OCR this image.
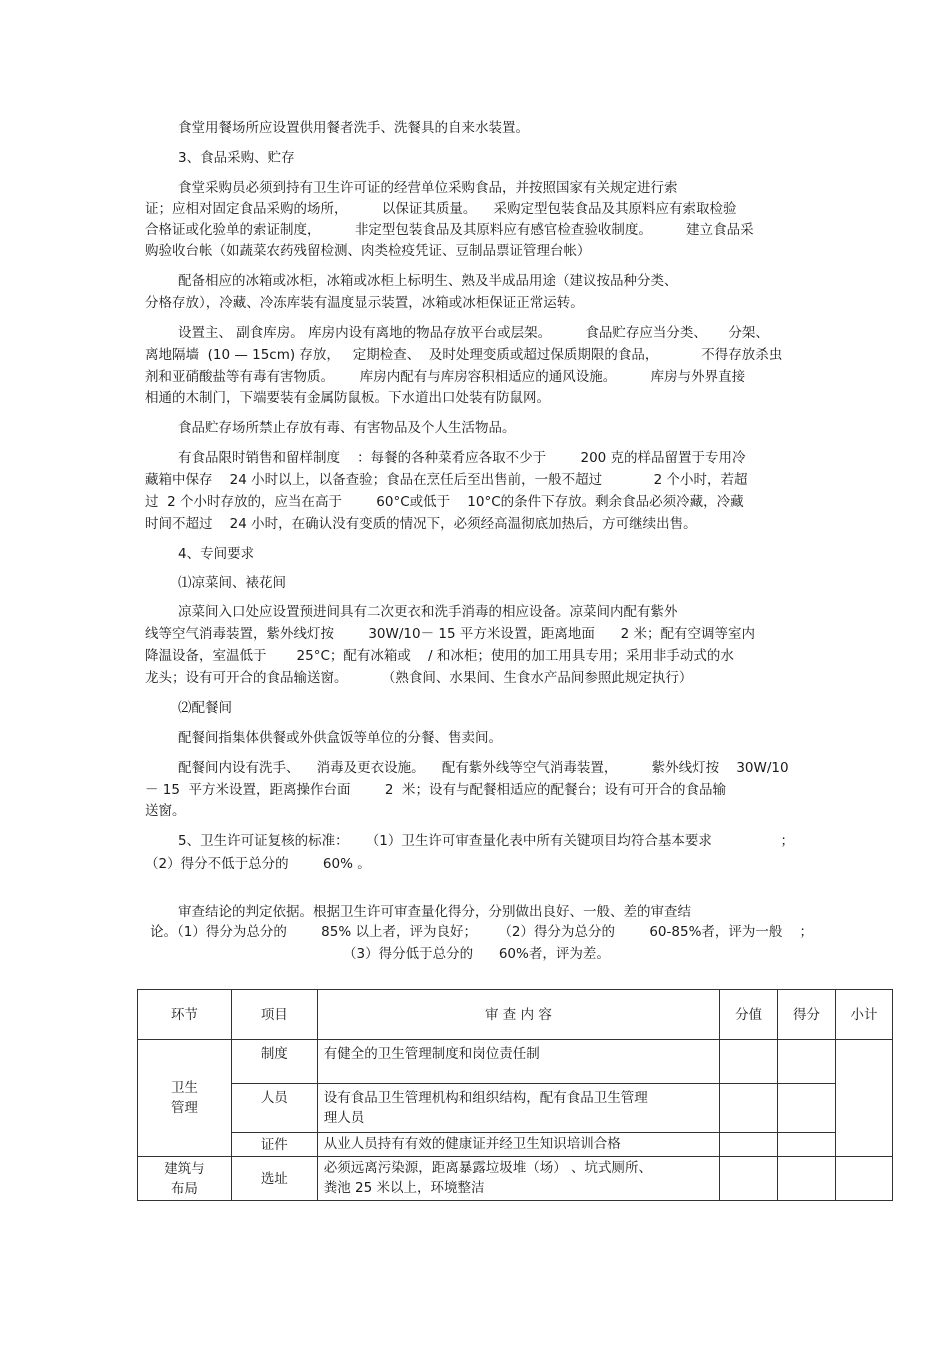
食堂用餐场所应设置供用餐者洗手、洗餐具的自来水装置。
3、食品采购、贮存
食堂采购员必须到持有卫生许可证的经营单位采购食品，并按照国家有关规定进行索
证；应相对固定食品采购的场所，        以保证其质量。    采购定型包装食品及其原料应有索取检验
合格证或化验单的索证制度，        非定型包装食品及其原料应有感官检查验收制度。        建立食品采
购验收台帐（如蔬菜农药残留检测、肉类检疫凭证、豆制品票证管理台帐）
配备相应的冰箱或冰柜，冰箱或冰柜上标明生、熟及半成品用途（建议按品种分类、
分格存放），冷藏、冷冻库装有温度显示装置，冰箱或冰柜保证正常运转。
设置主、 副食库房。 库房内设有离地的物品存放平台或层架。        食品贮存应当分类、     分架、
离地隔墙  (10 — 15cm) 存放，   定期检查、  及时处理变质或超过保质期限的食品，          不得存放杀虫
剂和亚硝酸盐等有毒有害物质。      库房内配有与库房容积相适应的通风设施。        库房与外界直接
相通的木制门，下端要装有金属防鼠板。下水道出口处装有防鼠网。
食品贮存场所禁止存放有毒、有害物品及个人生活物品。
有食品限时销售和留样制度    ：每餐的各种菜肴应各取不少于        200 克的样品留置于专用冷
藏箱中保存    24 小时以上，以备查验；食品在烹任后至出售前，一般不超过            2 个小时，若超
过  2 个小时存放的，应当在高于        60°C或低于    10°C的条件下存放。剩余食品必须冷藏，冷藏
时间不超过    24 小时，在确认没有变质的情况下，必须经高温彻底加热后，方可继续出售。
4、专间要求
⑴凉菜间、裱花间
凉菜间入口处应设置预进间具有二次更衣和洗手消毒的相应设备。凉菜间内配有紫外
线等空气消毒装置，紫外线灯按        30W/10－ 15 平方米设置，距离地面      2 米；配有空调等室内
降温设备，室温低于       25°C；配有冰箱或    / 和冰柜；使用的加工用具专用；采用非手动式的水
龙头；设有可开合的食品输送窗。        （熟食间、水果间、生食水产品间参照此规定执行）
⑵配餐间
配餐间指集体供餐或外供盒饭等单位的分餐、售卖间。
配餐间内设有洗手、    消毒及更衣设施。    配有紫外线等空气消毒装置，        紫外线灯按    30W/10
－ 15  平方米设置，距离操作台面        2  米；设有与配餐相适应的配餐台；设有可开合的食品输
送窗。
5、卫生许可证复核的标准：    （1）卫生许可审查量化表中所有关键项目均符合基本要求                ；
（2）得分不低于总分的        60% 。
审查结论的判定依据。根据卫生许可审查量化得分，分别做出良好、一般、差的审查结
论。（1）得分为总分的        85% 以上者，评为良好；     （2）得分为总分的        60-85%者，评为一般    ；
（3）得分低于总分的      60%者，评为差。
环节	项目	审 查 内 容	分值	得分	小计

卫生
管理	制度	有健全的卫生管理制度和岗位责任制			
	人员	设有食品卫生管理机构和组织结构，配有食品卫生管理
理人员			

	证件	从业人员持有有效的健康证并经卫生知识培训合格			

建筑与
布局	选址	必须远离污染源，距离暴露垃圾堆（场） 、坑式厕所、
粪池 25 米以上，环境整洁			
